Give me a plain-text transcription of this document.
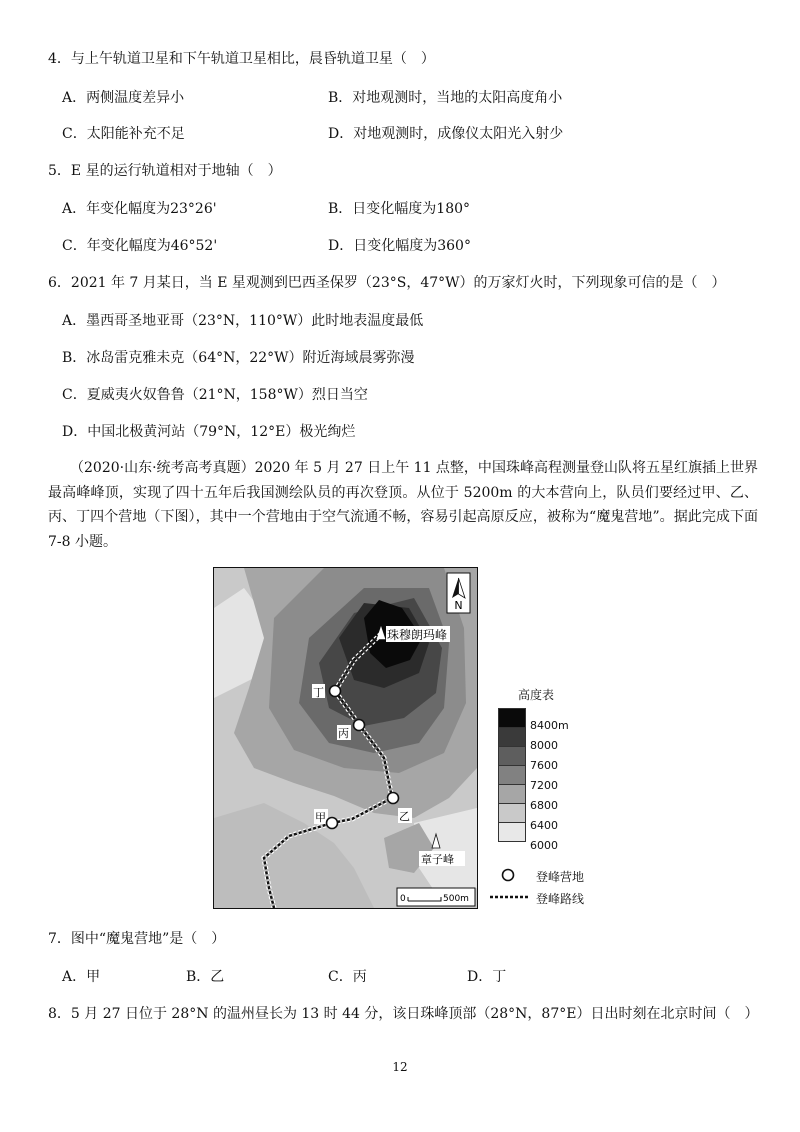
4．与上午轨道卫星和下午轨道卫星相比，晨昏轨道卫星（　）
A．两侧温度差异小	B．对地观测时，当地的太阳高度角小
C．太阳能补充不足	D．对地观测时，成像仪太阳光入射少
5．E 星的运行轨道相对于地轴（　）
A．年变化幅度为23°26'	B．日变化幅度为180°
C．年变化幅度为46°52'	D．日变化幅度为360°
6．2021 年 7 月某日，当 E 星观测到巴西圣保罗（23°S，47°W）的万家灯火时，下列现象可信的是（　）
A．墨西哥圣地亚哥（23°N，110°W）此时地表温度最低
B．冰岛雷克雅未克（64°N，22°W）附近海域晨雾弥漫
C．夏威夷火奴鲁鲁（21°N，158°W）烈日当空
D．中国北极黄河站（79°N，12°E）极光绚烂
（2020·山东·统考高考真题）2020 年 5 月 27 日上午 11 点整，中国珠峰高程测量登山队将五星红旗插上世界最高峰峰顶，实现了四十五年后我国测绘队员的再次登顶。从位于 5200m 的大本营向上，队员们要经过甲、乙、丙、丁四个营地（下图），其中一个营地由于空气流通不畅，容易引起高原反应，被称为“魔鬼营地”。据此完成下面 7-8 小题。
N
珠穆朗玛峰
丁
丙
乙
甲
章子峰
0	500m
高度表
8400m
8000
7600
7200
6800
6400
6000
登峰营地
登峰路线
7．图中“魔鬼营地”是（　）
A．甲	B．乙	C．丙	D．丁
8．5 月 27 日位于 28°N 的温州昼长为 13 时 44 分，该日珠峰顶部（28°N，87°E）日出时刻在北京时间（　）
12
